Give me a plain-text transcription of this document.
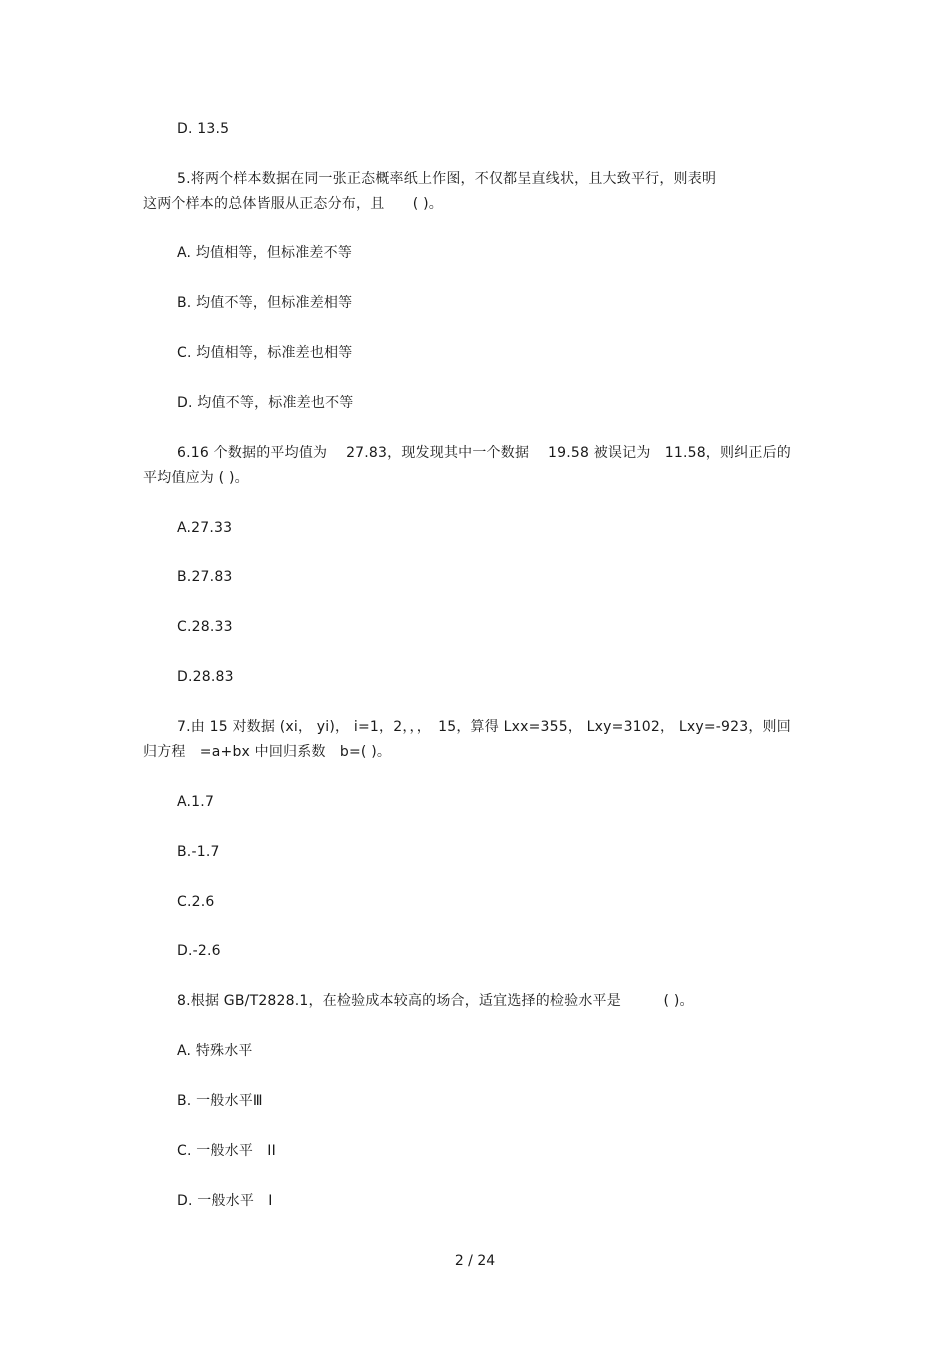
D. 13.5
5.将两个样本数据在同一张正态概率纸上作图，不仅都呈直线状，且大致平行，则表明
这两个样本的总体皆服从正态分布，且　　( )。
A. 均值相等，但标准差不等
B. 均值不等，但标准差相等
C. 均值相等，标准差也相等
D. 均值不等，标准差也不等
6.16 个数据的平均值为　 27.83，现发现其中一个数据　 19.58 被误记为　11.58，则纠正后的
平均值应为 ( )。
A.27.33
B.27.83
C.28.33
D.28.83
7.由 15 对数据 (xi， yi)， i=1，2，，，　15，算得 Lxx=355， Lxy=3102， Lxy=-923，则回
归方程　=a+bx 中回归系数　b=( )。
A.1.7
B.-1.7
C.2.6
D.-2.6
8.根据 GB/T2828.1，在检验成本较高的场合，适宜选择的检验水平是　　　( )。
A. 特殊水平
B. 一般水平Ⅲ
C. 一般水平　II
D. 一般水平　I
2 / 24
